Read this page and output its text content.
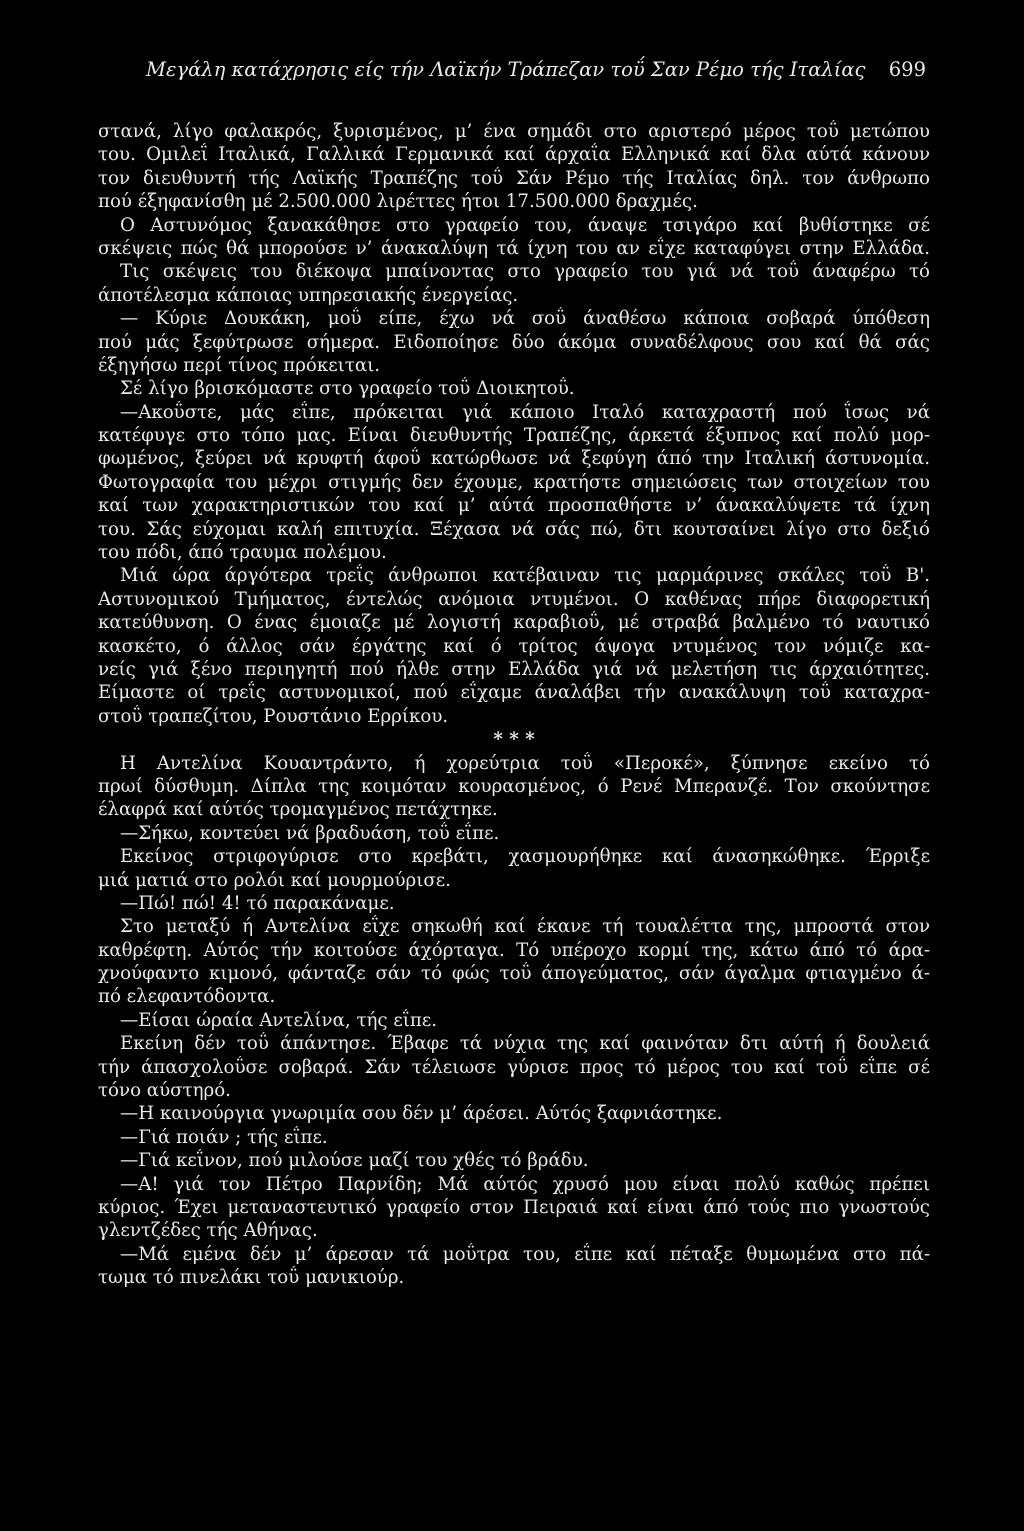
Μεγάλη κατάχρησις είς τήν Λαϊκήν Τράπεζαν τοΰ Σαν Ρέμο τής Ιταλίας 699
στανά, λίγο φαλακρός, ξυρισμένος, μ’ ένα σημάδι στο αριστερό μέρος τοΰ μετώπου
του. Ομιλεΐ Ιταλικά, Γαλλικά Γερμανικά καί άρχαΐα Ελληνικά καί δλα αύτά κάνουν
τον διευθυντή τής Λαϊκής Τραπέζης τοΰ Σάν Ρέμο τής Ιταλίας δηλ. τον άνθρωπο
πού έξηφανίσθη μέ 2.500.000 λιρέττες ήτοι 17.500.000 δραχμές.
Ο Αστυνόμος ξανακάθησε στο γραφείο του, άναψε τσιγάρο καί βυθίστηκε σέ
σκέψεις πώς θά μπορούσε ν’ άνακαλύψη τά ίχνη του αν εΐχε καταφύγει στην Ελλάδα.
Τις σκέψεις του διέκοψα μπαίνοντας στο γραφείο του γιά νά τοΰ άναφέρω τό
άποτέλεσμα κάποιας υπηρεσιακής ένεργείας.
— Κύριε Δουκάκη, μοΰ είπε, έχω νά σοΰ άναθέσω κάποια σοβαρά ύπόθεση
πού μάς ξεφύτρωσε σήμερα. Ειδοποίησε δύο άκόμα συναδέλφους σου καί θά σάς
έξηγήσω περί τίνος πρόκειται.
Σέ λίγο βρισκόμαστε στο γραφείο τοΰ Διοικητοΰ.
—Ακοΰστε, μάς εΐπε, πρόκειται γιά κάποιο Ιταλό καταχραστή πού ΐσως νά
κατέφυγε στο τόπο μας. Είναι διευθυντής Τραπέζης, άρκετά έξυπνος καί πολύ μορ-
φωμένος, ξεύρει νά κρυφτή άφοΰ κατώρθωσε νά ξεφύγη άπό την Ιταλική άστυνομία.
Φωτογραφία του μέχρι στιγμής δεν έχουμε, κρατήστε σημειώσεις των στοιχείων του
καί των χαρακτηριστικών του καί μ’ αύτά προσπαθήστε ν’ άνακαλύψετε τά ίχνη
του. Σάς εύχομαι καλή επιτυχία. Ξέχασα νά σάς πώ, δτι κουτσαίνει λίγο στο δεξιό
του πόδι, άπό τραυμα πολέμου.
Μιά ώρα άργότερα τρεΐς άνθρωποι κατέβαιναν τις μαρμάρινες σκάλες τοΰ Β'.
Αστυνομικού Τμήματος, έντελώς ανόμοια ντυμένοι. Ο καθένας πήρε διαφορετική
κατεύθυνση. Ο ένας έμοιαζε μέ λογιστή καραβιοΰ, μέ στραβά βαλμένο τό ναυτικό
κασκέτο, ό άλλος σάν έργάτης καί ό τρίτος άψογα ντυμένος τον νόμιζε κα-
νείς γιά ξένο περιηγητή πού ήλθε στην Ελλάδα γιά νά μελετήση τις άρχαιότητες.
Είμαστε οί τρεΐς αστυνομικοί, πού εΐχαμε άναλάβει τήν ανακάλυψη τοΰ καταχρα-
στοΰ τραπεζίτου, Ρουστάνιο Ερρίκου.
* * *
Η Αντελίνα Κουαντράντο, ή χορεύτρια τοΰ «Περοκέ», ξύπνησε εκείνο τό
πρωί δύσθυμη. Δίπλα της κοιμόταν κουρασμένος, ό Ρενέ Μπερανζέ. Τον σκούντησε
έλαφρά καί αύτός τρομαγμένος πετάχτηκε.
—Σήκω, κοντεύει νά βραδυάση, τοΰ εΐπε.
Εκείνος στριφογύρισε στο κρεβάτι, χασμουρήθηκε καί άνασηκώθηκε. Έρριξε
μιά ματιά στο ρολόι καί μουρμούρισε.
—Πώ! πώ! 4! τό παρακάναμε.
Στο μεταξύ ή Αντελίνα εΐχε σηκωθή καί έκανε τή τουαλέττα της, μπροστά στον
καθρέφτη. Αύτός τήν κοιτούσε άχόρταγα. Τό υπέροχο κορμί της, κάτω άπό τό άρα-
χνούφαντο κιμονό, φάνταζε σάν τό φώς τοΰ άπογεύματος, σάν άγαλμα φτιαγμένο ά-
πό ελεφαντόδοντα.
—Είσαι ώραία Αντελίνα, τής εΐπε.
Εκείνη δέν τοΰ άπάντησε. Έβαφε τά νύχια της καί φαινόταν δτι αύτή ή δουλειά
τήν άπασχολοΰσε σοβαρά. Σάν τέλειωσε γύρισε προς τό μέρος του καί τοΰ εΐπε σέ
τόνο αύστηρό.
—Η καινούργια γνωριμία σου δέν μ’ άρέσει. Αύτός ξαφνιάστηκε.
—Γιά ποιάν ; τής εΐπε.
—Γιά κεΐνον, πού μιλούσε μαζί του χθές τό βράδυ.
—Α! γιά τον Πέτρο Παρνίδη; Μά αύτός χρυσό μου είναι πολύ καθώς πρέπει
κύριος. Έχει μεταναστευτικό γραφείο στον Πειραιά καί είναι άπό τούς πιο γνωστούς
γλεντζέδες τής Αθήνας.
—Μά εμένα δέν μ’ άρεσαν τά μοΰτρα του, εΐπε καί πέταξε θυμωμένα στο πά-
τωμα τό πινελάκι τοΰ μανικιούρ.
